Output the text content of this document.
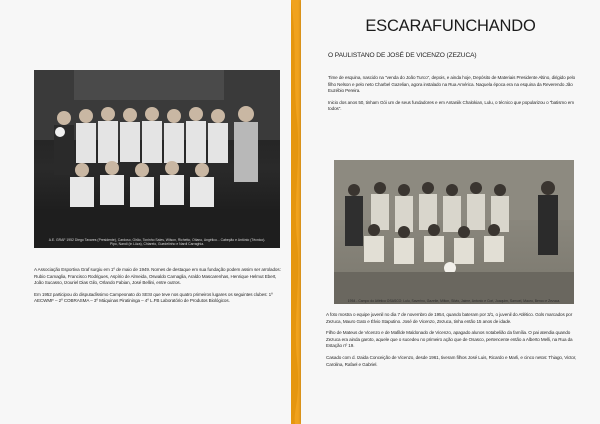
A.E. GRAF 1952 Diego Tavares (Presidente), Cardoso, Girão, Toninho Sales, Wilson, Richetto, Otiano, Angélico... Cabeção e Antônio (Técnico). Pipo, Nandi (in Lüza), Chiarelo, Guedelinho e Nardi Carraghia.

A Associação Esportiva Graf surgiu em 1º de maio de 1949. Nomes de destaque em sua fundação podem assim ser arrolados: Rubio Camaglia, Francisco Rodrigues, Aspírio de Almeida, Oswaldo Camaglia, Araldo Mascarenhas, Henrique Helmut Ebert, João Sucasso, Izouriel Dias Gilo, Orlando Fabian, José Bellini, entre outros.

Em 1952 participou do disputadíssimo Campeonato do SESI que teve nos quatro primeiros lugares os seguintes clubes: 1º AECWMF – 2º COBRASMA – 3º Máquinas Piratininga – 4º L.FB Laboratório de Produtos Biológicos.

ESCARAFUNCHANDO
O PAULISTANO DE JOSÉ DE VICENZO (ZEZUCA)

Time de esquina, nascido na "venda do João Turco", depois, e ainda hoje, Depósito de Materiais Presidente Altino, dirigido pelo filho Nelson e pelo neto Charbel Gazelian, agora instalado na Rua América. Naquela época era na esquina da Reverendo Jão Euzébio Pereira.

Inicio dos anos 50, tinham Gói um de seus fundadores e em Antaniik Chalokian, Lulu, o técnico que popularizou o "batismo em todos".

1954 - Campo do Atlético OSASCO: Lulu, Saverino, Gazelie, Milton, Silvio, Jaime, Antonio e Cori, Joaquim, Samuel, Mauro, Benco e Zezuca.

A foto mostra o equipe juvenil no dia 7 de novembro de 1954, quando bateram por 3/1, o juvenil do Atlético. Gols marcados por Zezuca, Mauro Gato e Élvio Staputino. José de Vicenzo, Zezuca, tinha então 15 anos de idade.

Filho de Mateus de Vicenzo e de Mafilde Maldonado de Vicenzo, apagado alunos notabelião da família. O pai atendia quando Zezuca era ainda garoto, aquele que o sucedeu no primeiro ação que de Osasco, pertencente então a Alberto Melli, na Rua da Estação nº 19.

Casado com d. Izaida Conceição de Vicenzo, desde 1961, tiveram filhos José Luis, Ricardo e Marli, e cinco netos: Thiago, Victor, Carolina, Rafael e Gabriel.
